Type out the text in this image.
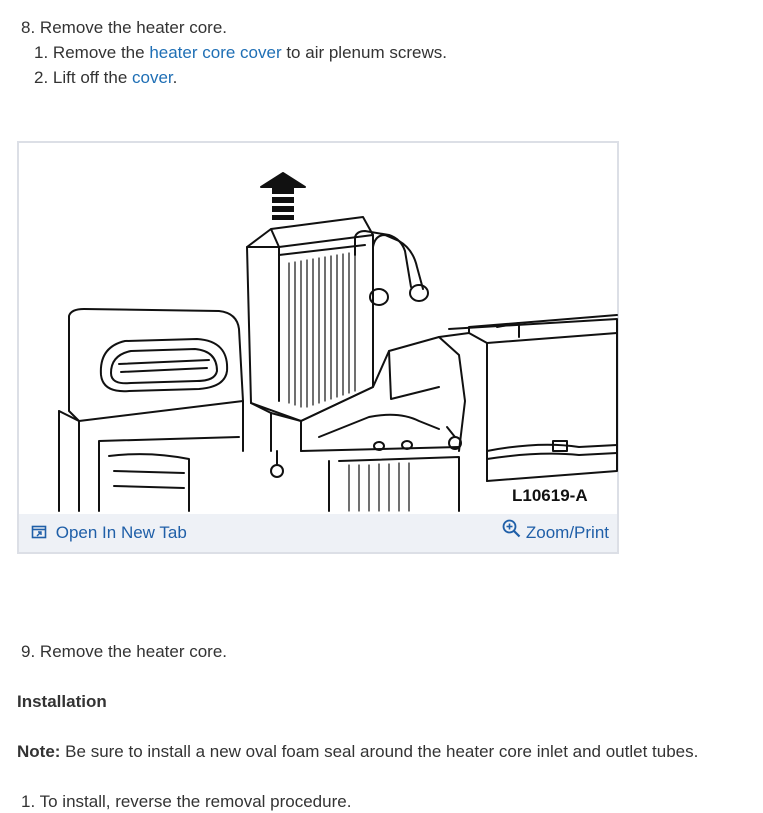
8. Remove the heater core.
1. Remove the heater core cover to air plenum screws.
2. Lift off the cover.
L10619-A
Open In New Tab	Zoom/Print
9. Remove the heater core.
Installation
Note: Be sure to install a new oval foam seal around the heater core inlet and outlet tubes.
1. To install, reverse the removal procedure.
